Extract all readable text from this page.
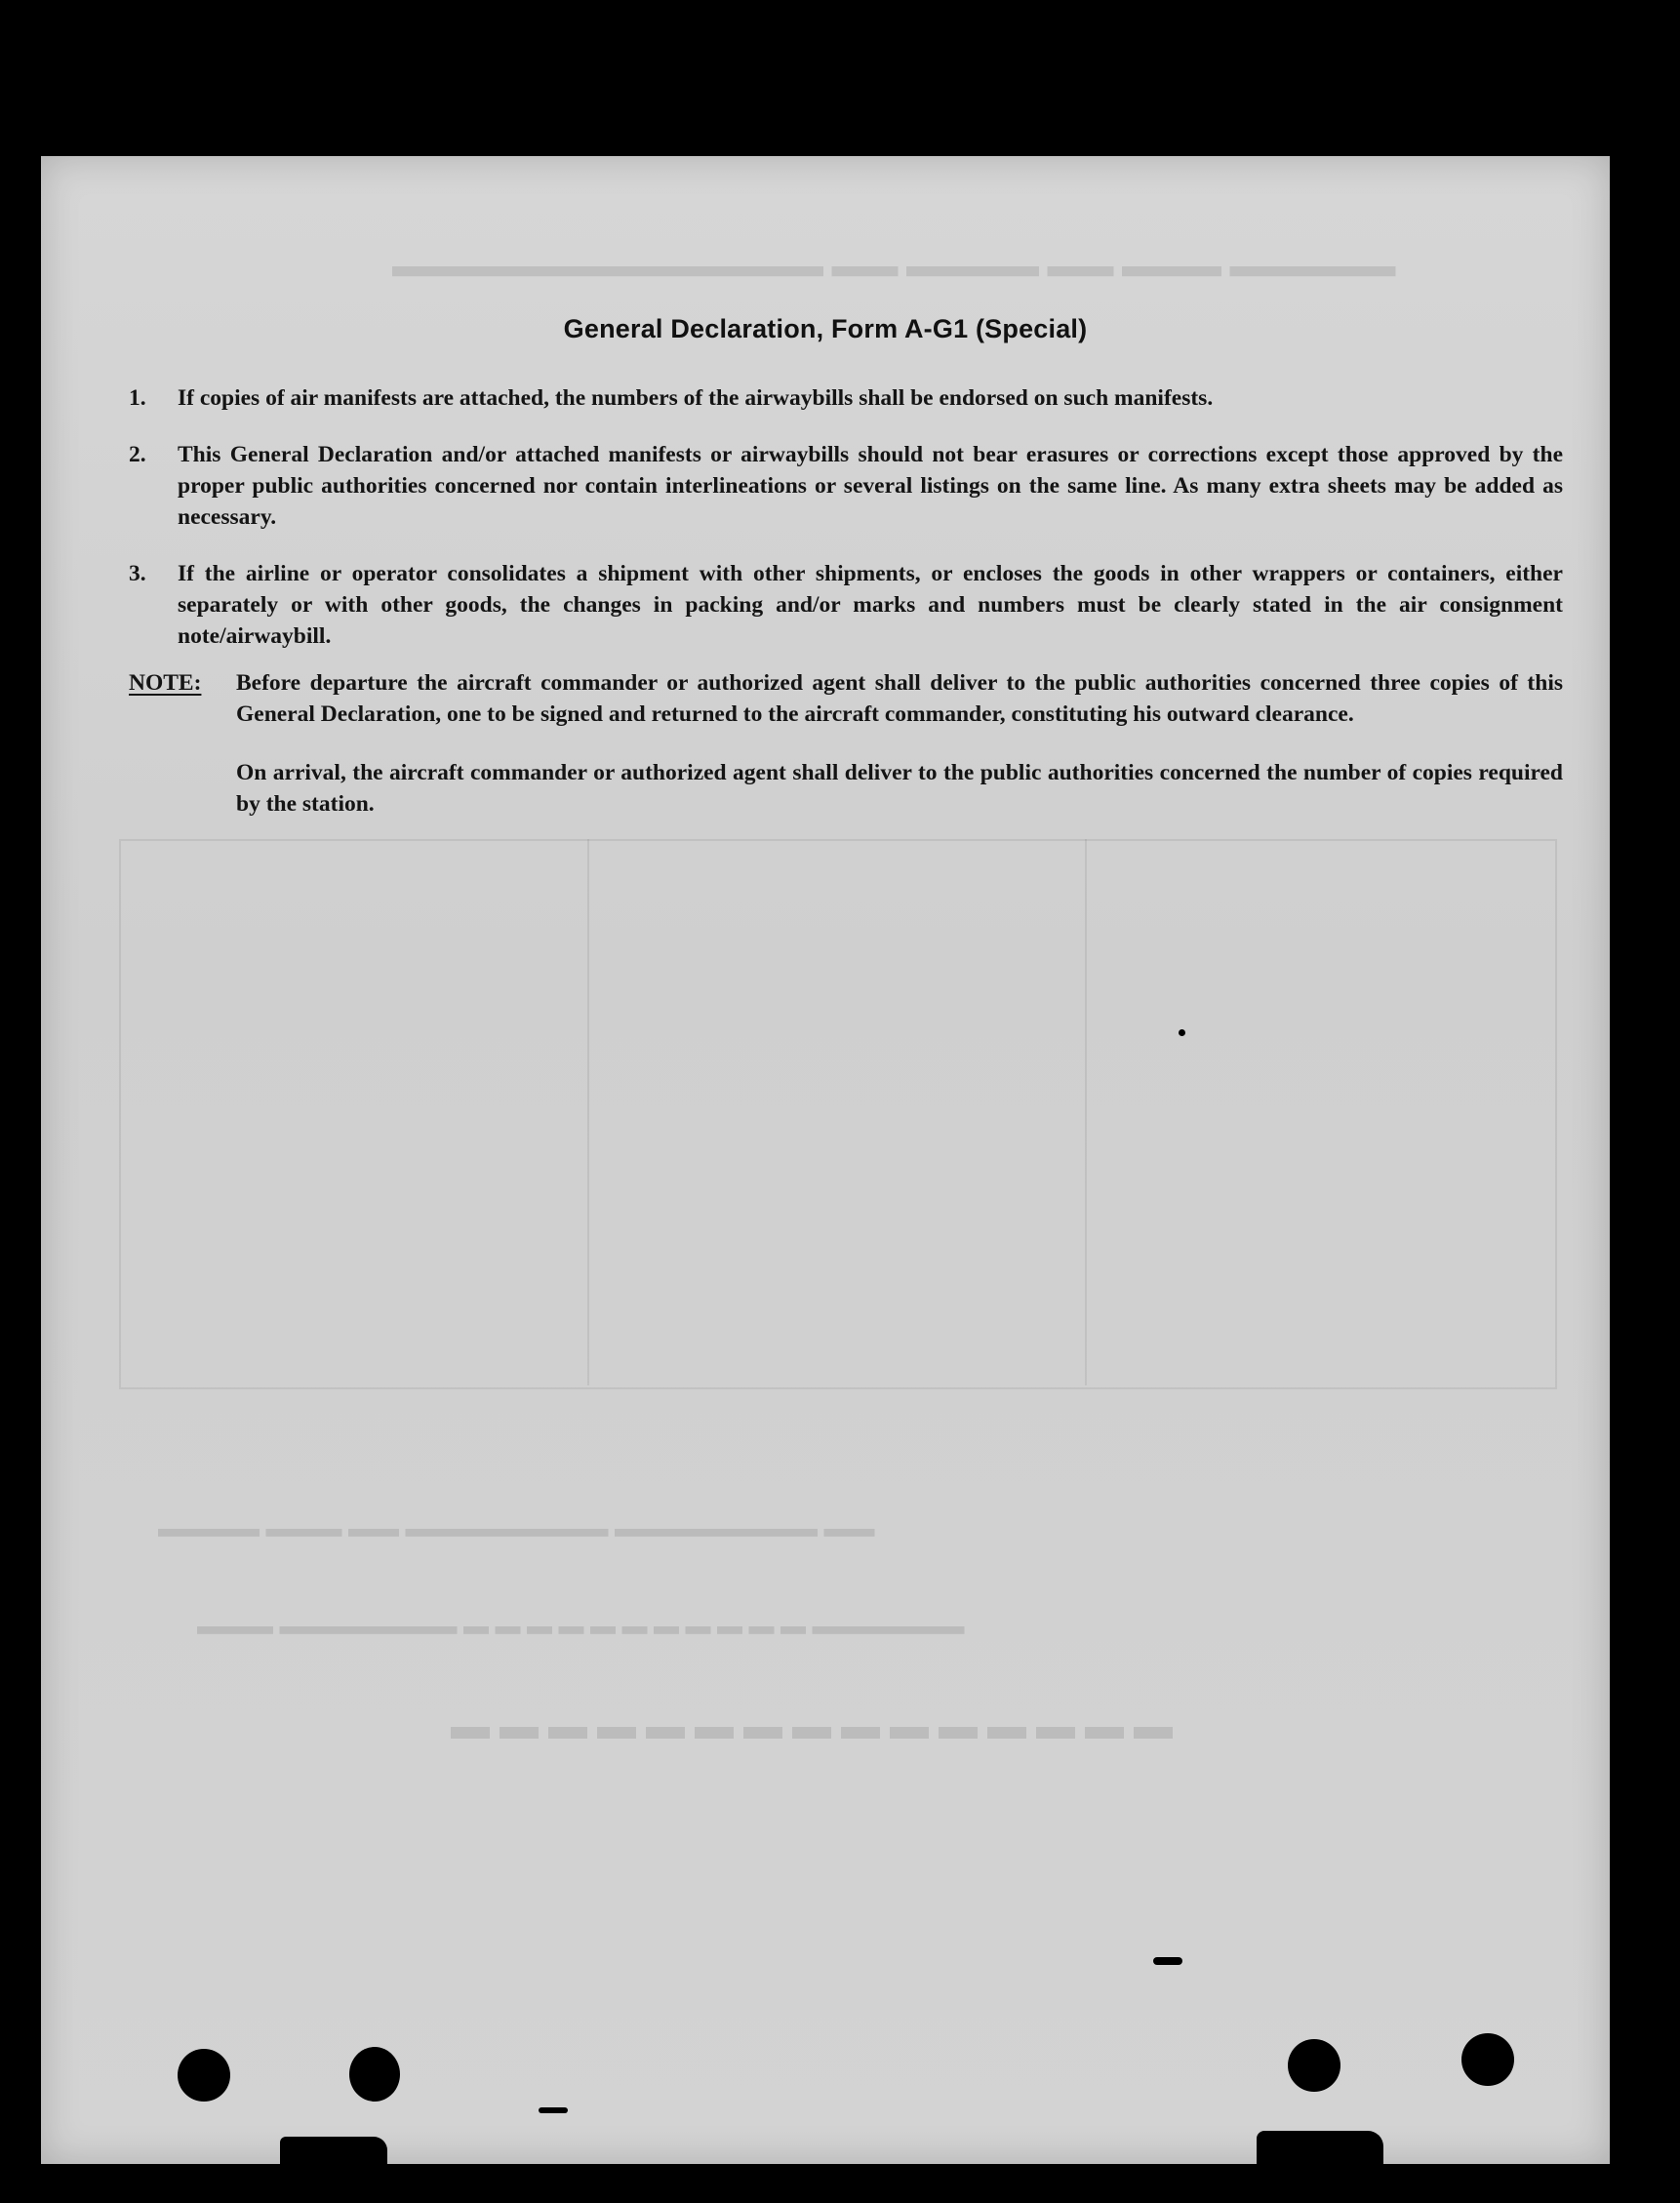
▬▬▬▬▬ ▬▬▬ ▬▬ ▬▬▬▬ ▬▬ ▬▬▬▬▬▬▬▬▬▬▬▬▬
▬▬ ▬▬▬▬▬▬▬▬ ▬▬▬▬▬▬▬▬ ▬▬ ▬▬▬ ▬▬▬▬
▬▬▬▬▬▬ ▬ ▬ ▬ ▬ ▬ ▬ ▬ ▬ ▬ ▬ ▬ ▬▬▬▬▬▬▬ ▬▬▬
▬ ▬ ▬ ▬ ▬ ▬ ▬ ▬ ▬ ▬ ▬ ▬ ▬ ▬ ▬
General Declaration, Form A-G1 (Special)
1.	If copies of air manifests are attached, the numbers of the airwaybills shall be endorsed on such manifests.
2.	This General Declaration and/or attached manifests or airwaybills should not bear erasures or corrections except those approved by the proper public authorities concerned nor contain interlineations or several listings on the same line. As many extra sheets may be added as necessary.
3.	If the airline or operator consolidates a shipment with other shipments, or encloses the goods in other wrappers or containers, either separately or with other goods, the changes in packing and/or marks and numbers must be clearly stated in the air consignment note/airwaybill.
NOTE:	Before departure the aircraft commander or authorized agent shall deliver to the public authorities concerned three copies of this General Declaration, one to be signed and returned to the aircraft commander, constituting his outward clearance.

On arrival, the aircraft commander or authorized agent shall deliver to the public authorities concerned the number of copies required by the station.
